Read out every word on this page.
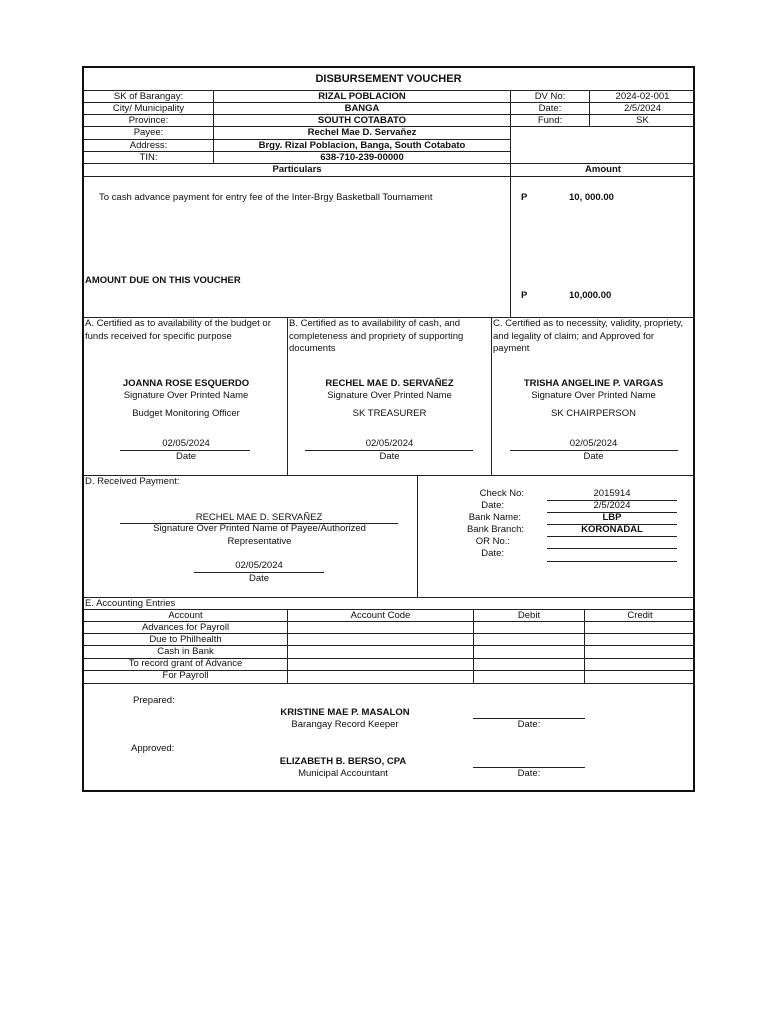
DISBURSEMENT VOUCHER
SK of Barangay:	RIZAL POBLACION
City/ Municipality	BANGA
Province:	SOUTH COTABATO
Payee:	Rechel Mae D. Servañez
Address:	Brgy. Rizal Poblacion, Banga, South Cotabato
TIN:	638-710-239-00000
DV No:	2024-02-001
Date:	2/5/2024
Fund:	SK
Particulars	Amount
To cash advance payment for entry fee of the Inter-Brgy Basketball Tournament	P	10, 000.00
AMOUNT DUE ON THIS VOUCHER
P	10,000.00
A. Certified as to availability of the budget or funds received for specific purpose
B. Certified as to availability of cash, and completeness and propriety of supporting documents
C. Certified as to necessity, validity, propriety, and legality of claim; and Approved for payment
JOANNA ROSE ESQUERDO
Signature Over Printed Name
Budget Monitoring Officer
02/05/2024
Date
RECHEL MAE D. SERVAÑEZ
Signature Over Printed Name
SK TREASURER
02/05/2024
Date
TRISHA ANGELINE P. VARGAS
Signature Over Printed Name
SK CHAIRPERSON
02/05/2024
Date
D. Received Payment:
RECHEL MAE D. SERVAÑEZ
Signature Over Printed Name of Payee/Authorized
Representative
02/05/2024
Date
Check No:	2015914
Date:	2/5/2024
Bank Name:	LBP
Bank Branch:	KORONADAL
OR No.:
Date:
E. Accounting Entries
Account	Account Code	Debit	Credit
Advances for Payroll
Due to Philhealth
Cash in Bank
To record grant of Advance
For Payroll
Prepared:
KRISTINE MAE P. MASALON
Barangay Record Keeper	Date:
Approved:
ELIZABETH B. BERSO, CPA
Municipal Accountant	Date:
